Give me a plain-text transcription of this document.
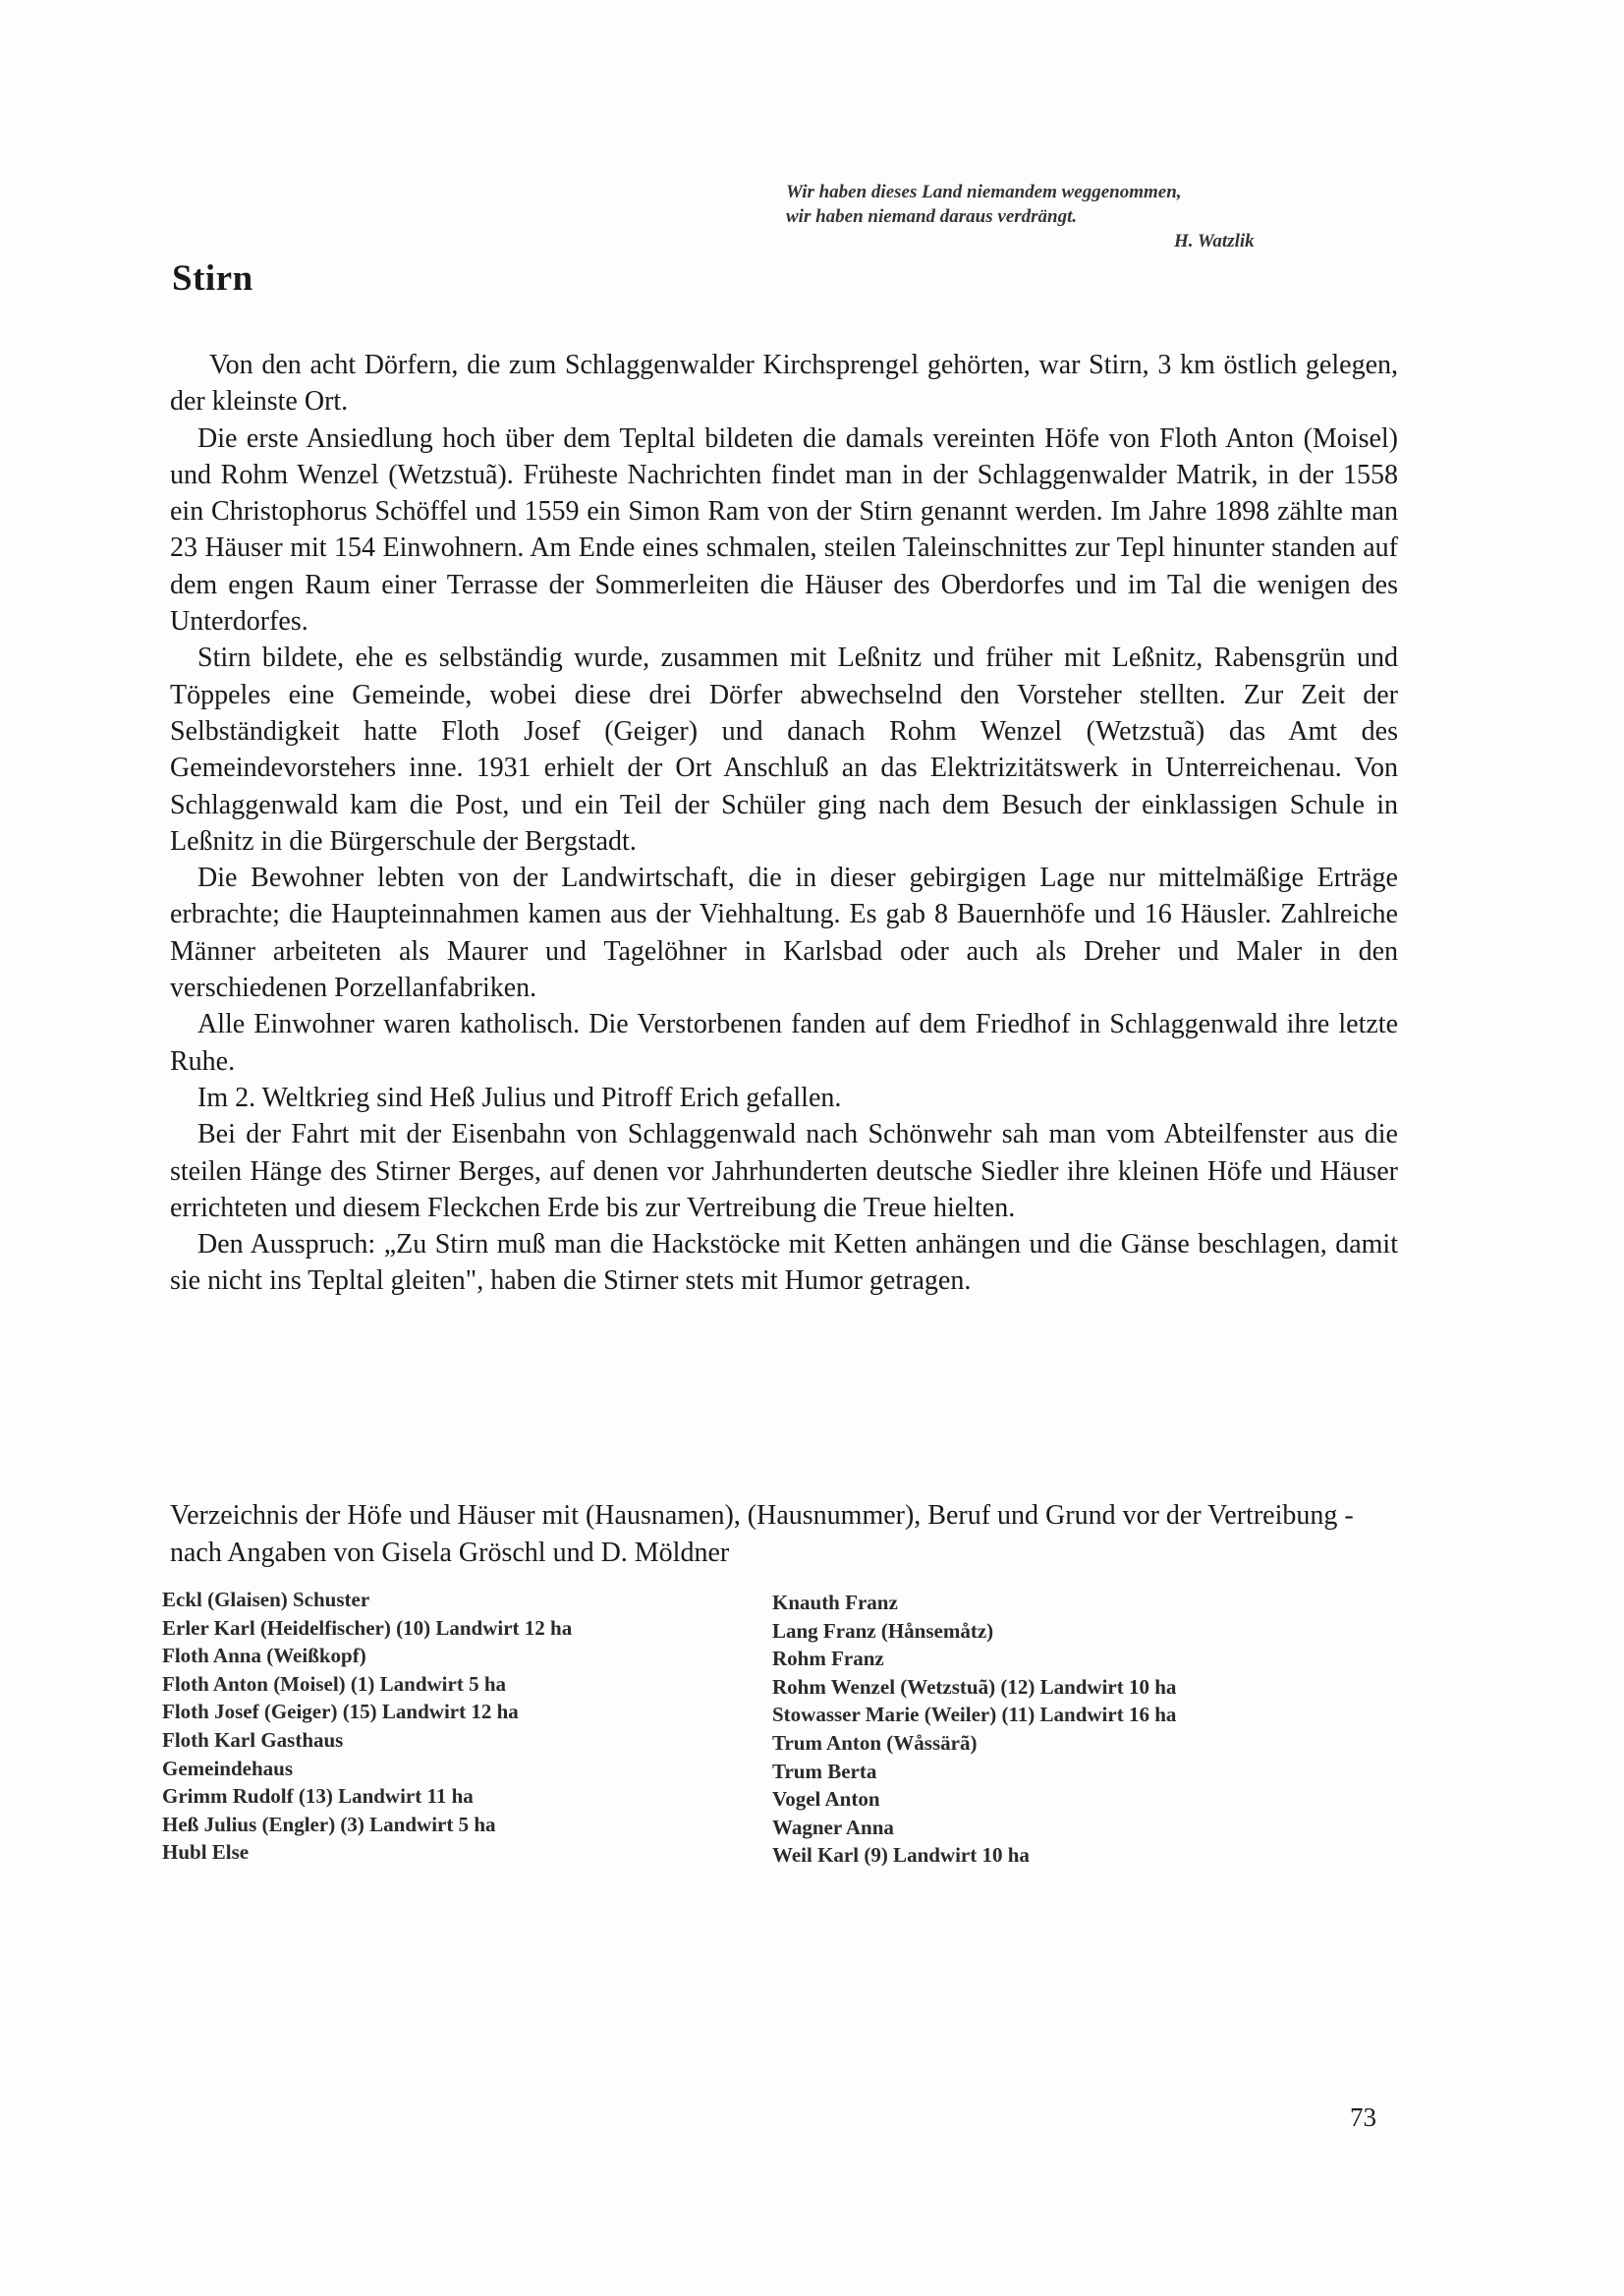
Wir haben dieses Land niemandem weggenommen,
wir haben niemand daraus verdrängt.
H. Watzlik
Stirn

Von den acht Dörfern, die zum Schlaggenwalder Kirchsprengel gehörten, war Stirn, 3 km östlich gelegen, der kleinste Ort.

Die erste Ansiedlung hoch über dem Tepltal bildeten die damals vereinten Höfe von Floth Anton (Moisel) und Rohm Wenzel (Wetzstuã). Früheste Nachrichten findet man in der Schlaggenwalder Matrik, in der 1558 ein Christophorus Schöffel und 1559 ein Simon Ram von der Stirn genannt werden. Im Jahre 1898 zählte man 23 Häuser mit 154 Einwohnern. Am Ende eines schmalen, steilen Taleinschnittes zur Tepl hinunter standen auf dem engen Raum einer Terrasse der Sommerleiten die Häuser des Oberdorfes und im Tal die wenigen des Unterdorfes.

Stirn bildete, ehe es selbständig wurde, zusammen mit Leßnitz und früher mit Leßnitz, Rabensgrün und Töppeles eine Gemeinde, wobei diese drei Dörfer abwechselnd den Vorsteher stellten. Zur Zeit der Selbständigkeit hatte Floth Josef (Geiger) und danach Rohm Wenzel (Wetzstuã) das Amt des Gemeindevorstehers inne. 1931 erhielt der Ort Anschluß an das Elektrizitätswerk in Unterreichenau. Von Schlaggenwald kam die Post, und ein Teil der Schüler ging nach dem Besuch der einklassigen Schule in Leßnitz in die Bürgerschule der Bergstadt.

Die Bewohner lebten von der Landwirtschaft, die in dieser gebirgigen Lage nur mittelmäßige Erträge erbrachte; die Haupteinnahmen kamen aus der Viehhaltung. Es gab 8 Bauernhöfe und 16 Häusler. Zahlreiche Männer arbeiteten als Maurer und Tagelöhner in Karlsbad oder auch als Dreher und Maler in den verschiedenen Porzellanfabriken.

Alle Einwohner waren katholisch. Die Verstorbenen fanden auf dem Friedhof in Schlaggenwald ihre letzte Ruhe.

Im 2. Weltkrieg sind Heß Julius und Pitroff Erich gefallen.

Bei der Fahrt mit der Eisenbahn von Schlaggenwald nach Schönwehr sah man vom Abteilfenster aus die steilen Hänge des Stirner Berges, auf denen vor Jahrhunderten deutsche Siedler ihre kleinen Höfe und Häuser errichteten und diesem Fleckchen Erde bis zur Vertreibung die Treue hielten.

Den Ausspruch: „Zu Stirn muß man die Hackstöcke mit Ketten anhängen und die Gänse beschlagen, damit sie nicht ins Tepltal gleiten", haben die Stirner stets mit Humor getragen.

Verzeichnis der Höfe und Häuser mit (Hausnamen), (Hausnummer), Beruf und Grund vor der Vertreibung - nach Angaben von Gisela Gröschl und D. Möldner
Eckl (Glaisen) Schuster
Erler Karl (Heidelfischer) (10) Landwirt 12 ha
Floth Anna (Weißkopf)
Floth Anton (Moisel) (1) Landwirt 5 ha
Floth Josef (Geiger) (15) Landwirt 12 ha
Floth Karl Gasthaus
Gemeindehaus
Grimm Rudolf (13) Landwirt 11 ha
Heß Julius (Engler) (3) Landwirt 5 ha
Hubl Else
Knauth Franz
Lang Franz (Hånsemåtz)
Rohm Franz
Rohm Wenzel (Wetzstuã) (12) Landwirt 10 ha
Stowasser Marie (Weiler) (11) Landwirt 16 ha
Trum Anton (Wåssärã)
Trum Berta
Vogel Anton
Wagner Anna
Weil Karl (9) Landwirt 10 ha
73
